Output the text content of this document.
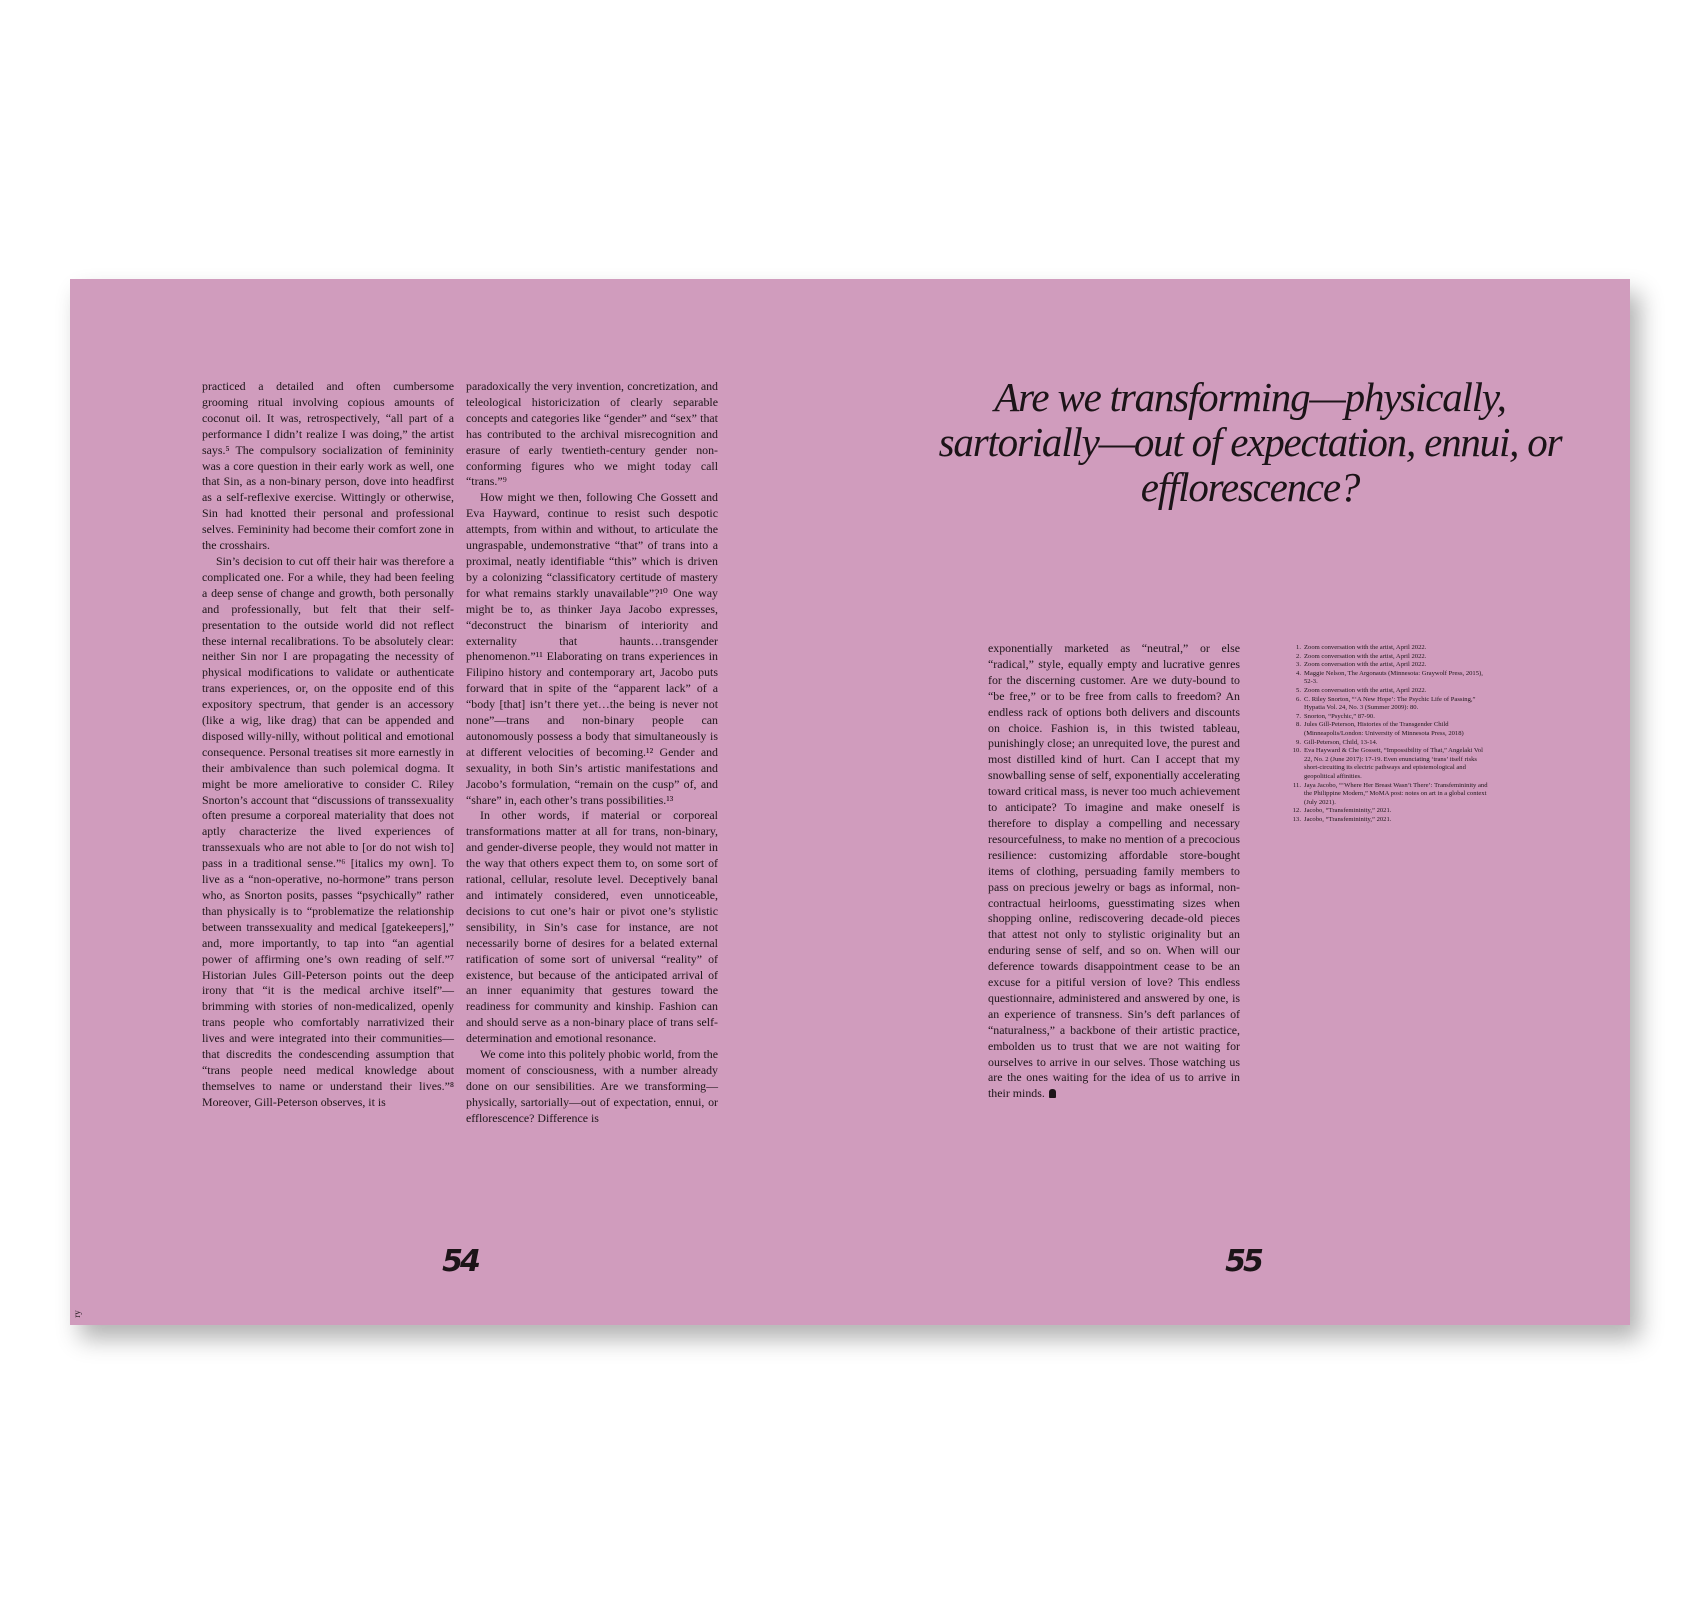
practiced a detailed and often cumbersome grooming ritual involving copious amounts of coconut oil. It was, retrospectively, “all part of a performance I didn’t realize I was doing,” the artist says.⁵ The compulsory socialization of femininity was a core question in their early work as well, one that Sin, as a non-binary person, dove into headfirst as a self-reflexive exercise. Wittingly or otherwise, Sin had knotted their personal and professional selves. Femininity had become their comfort zone in the crosshairs.

Sin’s decision to cut off their hair was therefore a complicated one. For a while, they had been feeling a deep sense of change and growth, both personally and professionally, but felt that their self-presentation to the outside world did not reflect these internal recalibrations. To be absolutely clear: neither Sin nor I are propagating the necessity of physical modifications to validate or authenticate trans experiences, or, on the opposite end of this expository spectrum, that gender is an accessory (like a wig, like drag) that can be appended and disposed willy-nilly, without political and emotional consequence. Personal treatises sit more earnestly in their ambivalence than such polemical dogma. It might be more ameliorative to consider C. Riley Snorton’s account that “discussions of transsexuality often presume a corporeal materiality that does not aptly characterize the lived experiences of transsexuals who are not able to [or do not wish to] pass in a traditional sense.”⁶ [italics my own]. To live as a “non-operative, no-hormone” trans person who, as Snorton posits, passes “psychically” rather than physically is to “problematize the relationship between transsexuality and medical [gatekeepers],” and, more importantly, to tap into “an agential power of affirming one’s own reading of self.”⁷ Historian Jules Gill-Peterson points out the deep irony that “it is the medical archive itself”—brimming with stories of non-medicalized, openly trans people who comfortably narrativized their lives and were integrated into their communities—that discredits the condescending assumption that “trans people need medical knowledge about themselves to name or understand their lives.”⁸ Moreover, Gill-Peterson observes, it is

paradoxically the very invention, concretization, and teleological historicization of clearly separable concepts and categories like “gender” and “sex” that has contributed to the archival misrecognition and erasure of early twentieth-century gender non-conforming figures who we might today call “trans.”⁹

How might we then, following Che Gossett and Eva Hayward, continue to resist such despotic attempts, from within and without, to articulate the ungraspable, undemonstrative “that” of trans into a proximal, neatly identifiable “this” which is driven by a colonizing “classificatory certitude of mastery for what remains starkly unavailable”?¹⁰ One way might be to, as thinker Jaya Jacobo expresses, “deconstruct the binarism of interiority and externality that haunts…transgender phenomenon.”¹¹ Elaborating on trans experiences in Filipino history and contemporary art, Jacobo puts forward that in spite of the “apparent lack” of a “body [that] isn’t there yet…the being is never not none”—trans and non-binary people can autonomously possess a body that simultaneously is at different velocities of becoming.¹² Gender and sexuality, in both Sin’s artistic manifestations and Jacobo’s formulation, “remain on the cusp” of, and “share” in, each other’s trans possibilities.¹³

In other words, if material or corporeal transformations matter at all for trans, non-binary, and gender-diverse people, they would not matter in the way that others expect them to, on some sort of rational, cellular, resolute level. Deceptively banal and intimately considered, even unnoticeable, decisions to cut one’s hair or pivot one’s stylistic sensibility, in Sin’s case for instance, are not necessarily borne of desires for a belated external ratification of some sort of universal “reality” of existence, but because of the anticipated arrival of an inner equanimity that gestures toward the readiness for community and kinship. Fashion can and should serve as a non-binary place of trans self-determination and emotional resonance.

We come into this politely phobic world, from the moment of consciousness, with a number already done on our sensibilities. Are we transforming—physically, sartorially—out of expectation, ennui, or efflorescence? Difference is

54
ry
Are we transforming—physically, sartorially—out of expectation, ennui, or efflorescence?

exponentially marketed as “neutral,” or else “radical,” style, equally empty and lucrative genres for the discerning customer. Are we duty-bound to “be free,” or to be free from calls to freedom? An endless rack of options both delivers and discounts on choice. Fashion is, in this twisted tableau, punishingly close; an unrequited love, the purest and most distilled kind of hurt. Can I accept that my snowballing sense of self, exponentially accelerating toward critical mass, is never too much achievement to anticipate? To imagine and make oneself is therefore to display a compelling and necessary resourcefulness, to make no mention of a precocious resilience: customizing affordable store-bought items of clothing, persuading family members to pass on precious jewelry or bags as informal, non-contractual heirlooms, guesstimating sizes when shopping online, rediscovering decade-old pieces that attest not only to stylistic originality but an enduring sense of self, and so on. When will our deference towards disappointment cease to be an excuse for a pitiful version of love? This endless questionnaire, administered and answered by one, is an experience of transness. Sin’s deft parlances of “naturalness,” a backbone of their artistic practice, embolden us to trust that we are not waiting for ourselves to arrive in our selves. Those watching us are the ones waiting for the idea of us to arrive in their minds.

1. Zoom conversation with the artist, April 2022.
2. Zoom conversation with the artist, April 2022.
3. Zoom conversation with the artist, April 2022.
4. Maggie Nelson, The Argonauts (Minnesota: Graywolf Press, 2015), 52-3.
5. Zoom conversation with the artist, April 2022.
6. C. Riley Snorton, “‘A New Hope’: The Psychic Life of Passing,” Hypatia Vol. 24, No. 3 (Summer 2009): 80.
7. Snorton, “Psychic,” 87-90.
8. Jules Gill-Peterson, Histories of the Transgender Child (Minneapolis/London: University of Minnesota Press, 2018)
9. Gill-Peterson, Child, 13-14.
10. Eva Hayward & Che Gossett, “Impossibility of That,” Angelaki Vol 22, No. 2 (June 2017): 17-19. Even enunciating ‘trans’ itself risks short-circuiting its electric pathways and epistemological and geopolitical affinities.
11. Jaya Jacobo, “‘Where Her Breast Wasn’t There’: Transfemininity and the Philippine Modern,” MoMA post: notes on art in a global context (July 2021).
12. Jacobo, “Transfemininity,” 2021.
13. Jacobo, “Transfemininity,” 2021.
55
